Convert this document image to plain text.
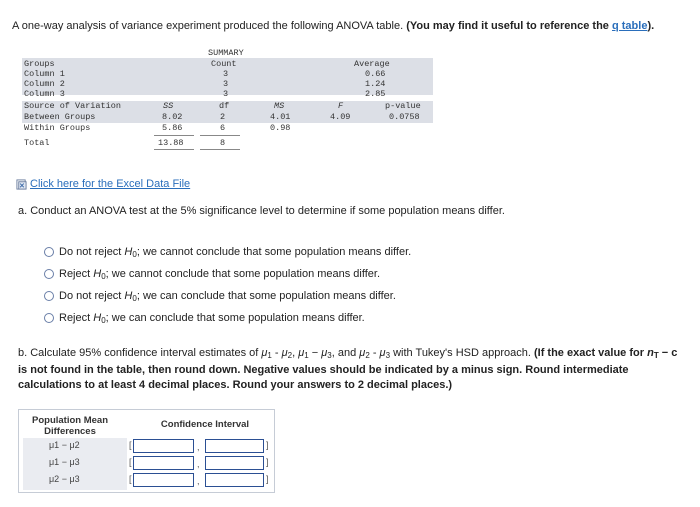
A one-way analysis of variance experiment produced the following ANOVA table. (You may find it useful to reference the q table).
SUMMARY
Groups	Count	Average
Column 1	3	0.66
Column 2	3	1.24
Column 3	3	2.85
Source of Variation	SS	df	MS	F	p-value
Between Groups	8.02	2	4.01	4.09	0.0758
Within Groups	5.86	6	0.98
Total	13.88	8
Click here for the Excel Data File
a. Conduct an ANOVA test at the 5% significance level to determine if some population means differ.
Do not reject $H_0$; we cannot conclude that some population means differ.
Reject $H_0$; we cannot conclude that some population means differ.
Do not reject $H_0$; we can conclude that some population means differ.
Reject $H_0$; we can conclude that some population means differ.
b. Calculate 95% confidence interval estimates of $\mu_1 - \mu_2$, $\mu_1 - \mu_3$, and $\mu_2 - \mu_3$ with Tukey's HSD approach. (If the exact value for $n_T - c$ is not found in the table, then round down. Negative values should be indicated by a minus sign. Round intermediate calculations to at least 4 decimal places. Round your answers to 2 decimal places.)
Population Mean
Differences
Confidence Interval
μ1 − μ2	[	,	]
μ1 − μ3	[	,	]
μ2 − μ3	[	,	]
